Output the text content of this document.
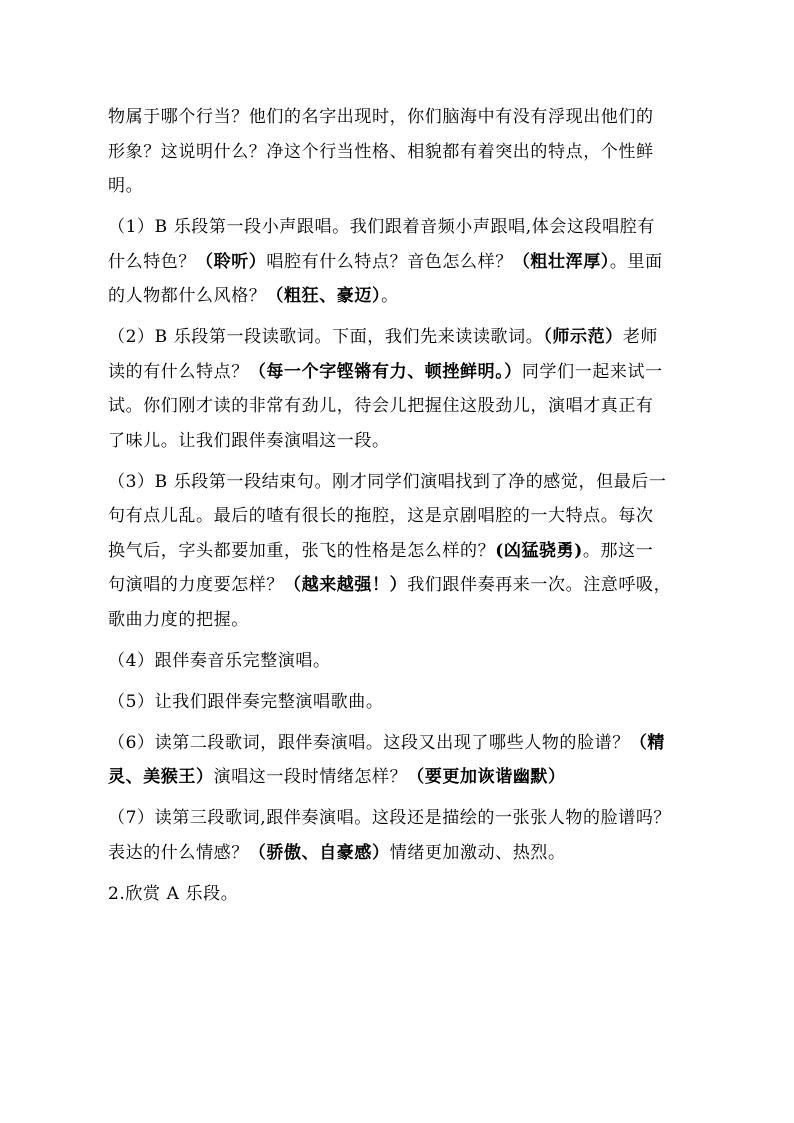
物属于哪个行当？他们的名字出现时，你们脑海中有没有浮现出他们的
形象？这说明什么？净这个行当性格、相貌都有着突出的特点，个性鲜
明。
（1）B 乐段第一段小声跟唱。我们跟着音频小声跟唱,体会这段唱腔有
什么特色？（聆听）唱腔有什么特点？音色怎么样？（粗壮浑厚）。里面
的人物都什么风格？（粗狂、豪迈）。
（2）B 乐段第一段读歌词。下面，我们先来读读歌词。（师示范）老师
读的有什么特点？（每一个字铿锵有力、顿挫鲜明。）同学们一起来试一
试。你们刚才读的非常有劲儿，待会儿把握住这股劲儿，演唱才真正有
了味儿。让我们跟伴奏演唱这一段。
（3）B 乐段第一段结束句。刚才同学们演唱找到了净的感觉，但最后一
句有点儿乱。最后的喳有很长的拖腔，这是京剧唱腔的一大特点。每次
换气后，字头都要加重，张飞的性格是怎么样的？(凶猛骁勇)。那这一
句演唱的力度要怎样？（越来越强！）我们跟伴奏再来一次。注意呼吸，
歌曲力度的把握。
（4）跟伴奏音乐完整演唱。
（5）让我们跟伴奏完整演唱歌曲。
（6）读第二段歌词，跟伴奏演唱。这段又出现了哪些人物的脸谱？（精
灵、美猴王）演唱这一段时情绪怎样？（要更加诙谐幽默）
（7）读第三段歌词,跟伴奏演唱。这段还是描绘的一张张人物的脸谱吗？
表达的什么情感？（骄傲、自豪感）情绪更加激动、热烈。
2.欣赏 A 乐段。
